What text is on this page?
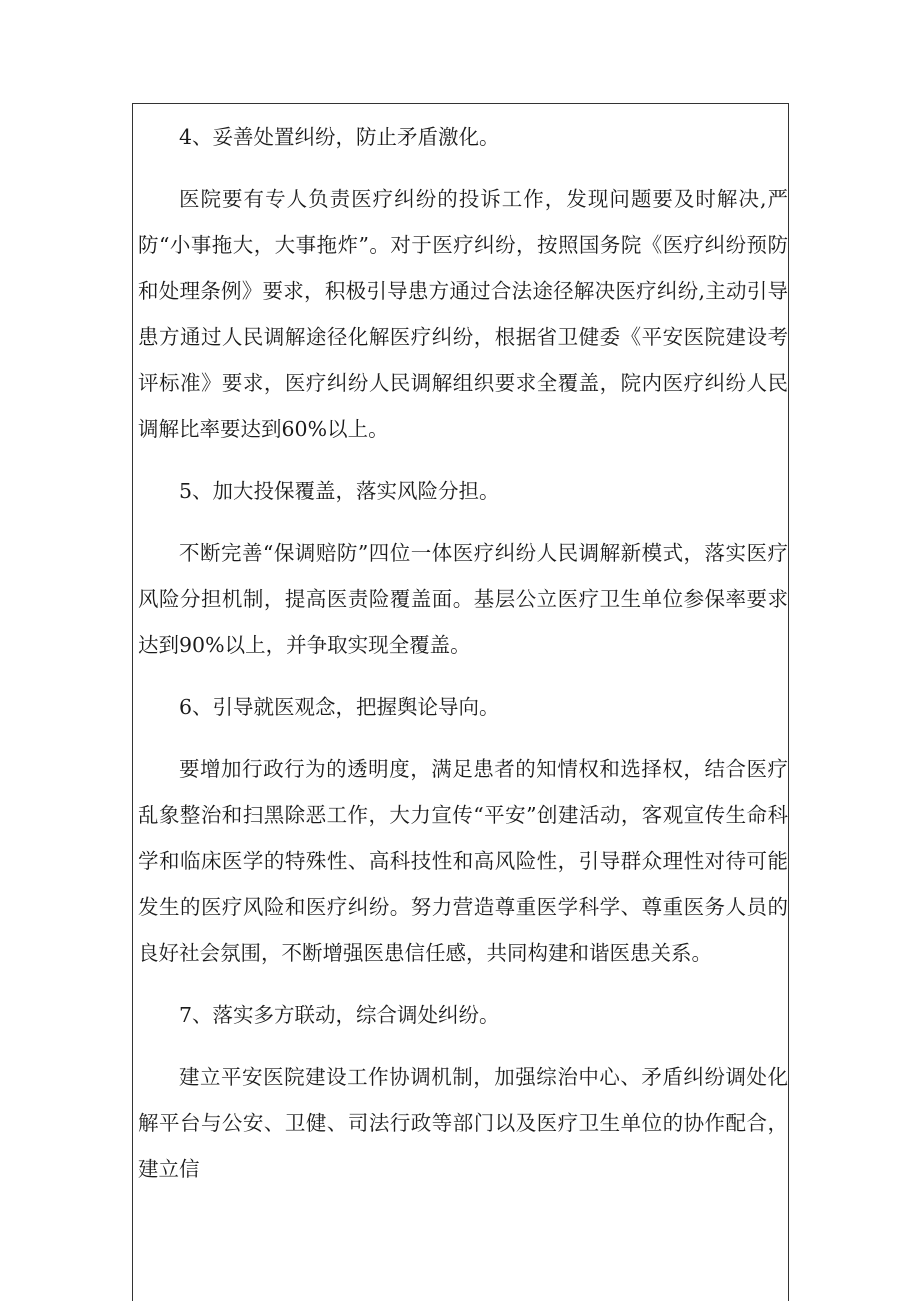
4、妥善处置纠纷，防止矛盾激化。

医院要有专人负责医疗纠纷的投诉工作，发现问题要及时解决,严防“小事拖大，大事拖炸”。对于医疗纠纷，按照国务院《医疗纠纷预防和处理条例》要求，积极引导患方通过合法途径解决医疗纠纷,主动引导患方通过人民调解途径化解医疗纠纷，根据省卫健委《平安医院建设考评标准》要求，医疗纠纷人民调解组织要求全覆盖，院内医疗纠纷人民调解比率要达到60%以上。

5、加大投保覆盖，落实风险分担。

不断完善“保调赔防”四位一体医疗纠纷人民调解新模式，落实医疗风险分担机制，提高医责险覆盖面。基层公立医疗卫生单位参保率要求达到90%以上，并争取实现全覆盖。

6、引导就医观念，把握舆论导向。

要增加行政行为的透明度，满足患者的知情权和选择权，结合医疗乱象整治和扫黑除恶工作，大力宣传“平安”创建活动，客观宣传生命科学和临床医学的特殊性、高科技性和高风险性，引导群众理性对待可能发生的医疗风险和医疗纠纷。努力营造尊重医学科学、尊重医务人员的良好社会氛围，不断增强医患信任感，共同构建和谐医患关系。

7、落实多方联动，综合调处纠纷。

建立平安医院建设工作协调机制，加强综治中心、矛盾纠纷调处化解平台与公安、卫健、司法行政等部门以及医疗卫生单位的协作配合，建立信
